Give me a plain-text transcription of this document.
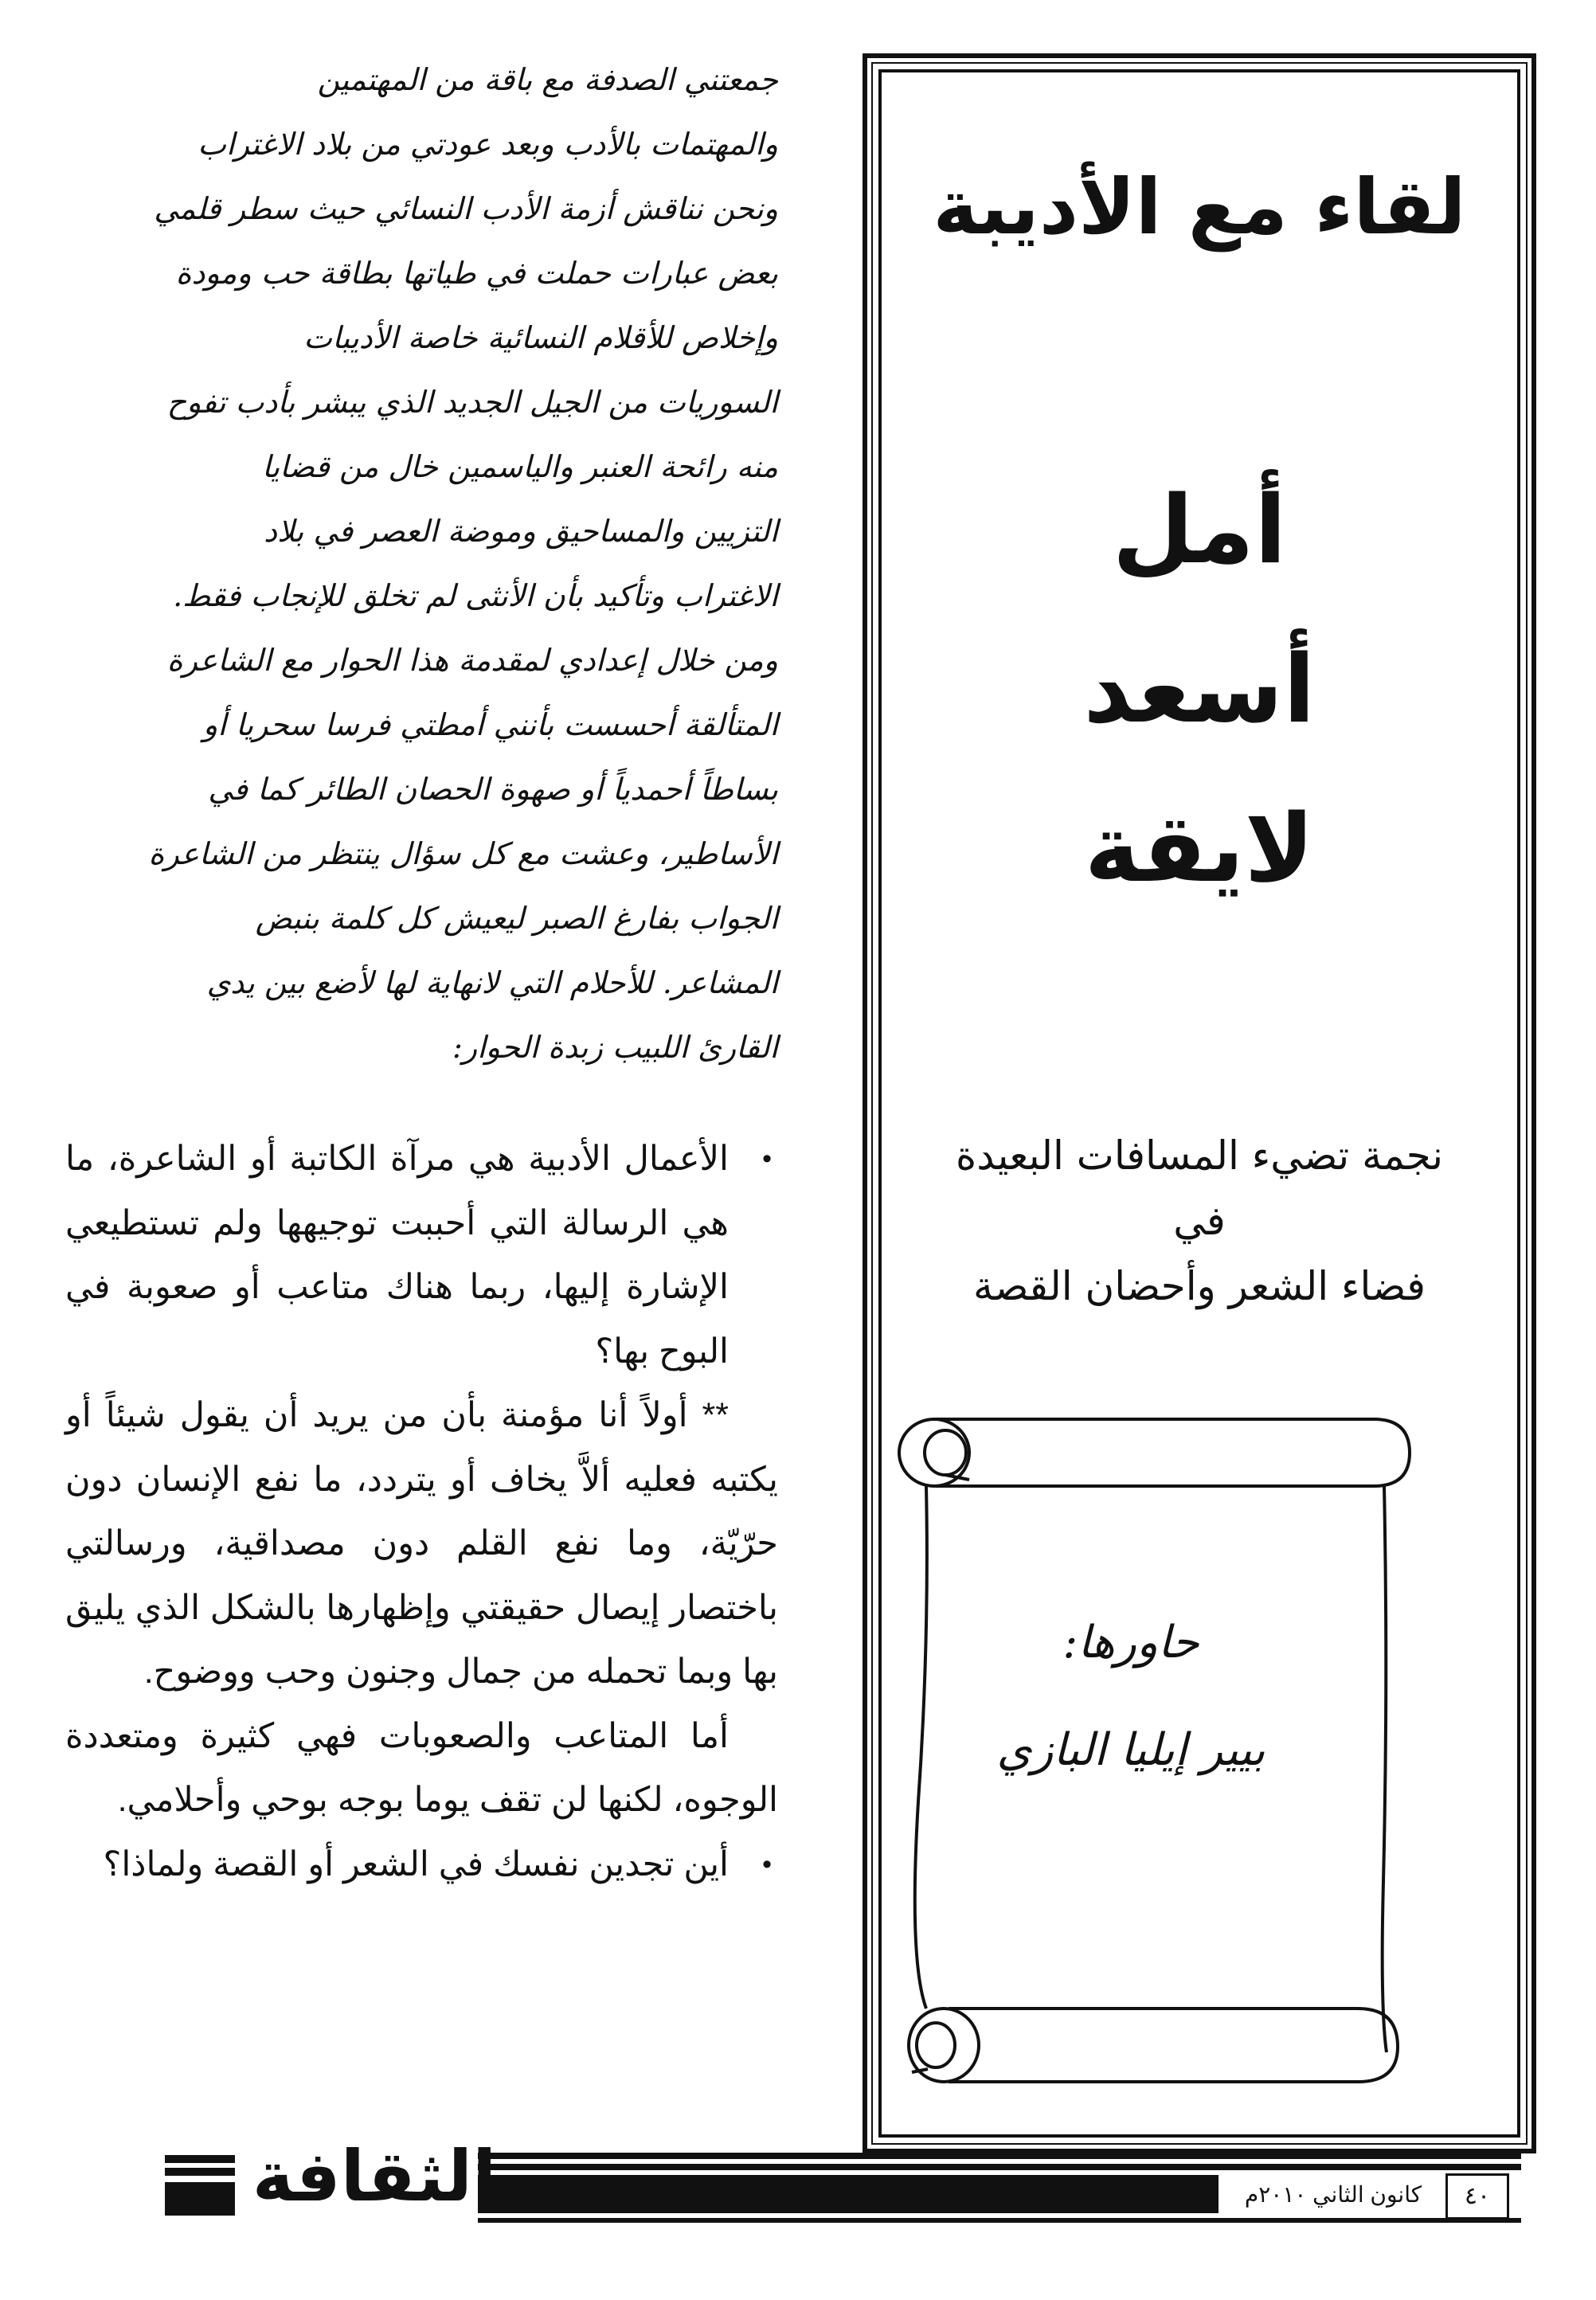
جمعتني الصدفة مع باقة من المهتمين

والمهتمات بالأدب وبعد عودتي من بلاد الاغتراب

ونحن نناقش أزمة الأدب النسائي حيث سطر قلمي

بعض عبارات حملت في طياتها بطاقة حب ومودة

وإخلاص للأقلام النسائية خاصة الأديبات

السوريات من الجيل الجديد الذي يبشر بأدب تفوح

منه رائحة العنبر والياسمين خال من قضايا

التزيين والمساحيق وموضة العصر في بلاد

الاغتراب وتأكيد بأن الأنثى لم تخلق للإنجاب فقط.

ومن خلال إعدادي لمقدمة هذا الحوار مع الشاعرة

المتألقة أحسست بأنني أمطتي فرسا سحريا أو

بساطاً أحمدياً أو صهوة الحصان الطائر كما في

الأساطير، وعشت مع كل سؤال ينتظر من الشاعرة

الجواب بفارغ الصبر ليعيش كل كلمة بنبض

المشاعر. للأحلام التي لانهاية لها لأضع بين يدي

القارئ اللبيب زبدة الحوار:

•
الأعمال الأدبية هي مرآة الكاتبة أو الشاعرة، ما هي الرسالة التي أحببت توجيهها ولم تستطيعي الإشارة إليها، ربما هناك متاعب أو صعوبة في البوح بها؟

** أولاً أنا مؤمنة بأن من يريد أن يقول شيئاً أو يكتبه فعليه ألاَّ يخاف أو يتردد، ما نفع الإنسان دون حرّيّة، وما نفع القلم دون مصداقية، ورسالتي باختصار إيصال حقيقتي وإظهارها بالشكل الذي يليق بها وبما تحمله من جمال وجنون وحب ووضوح.

أما المتاعب والصعوبات فهي كثيرة ومتعددة الوجوه، لكنها لن تقف يوما بوجه بوحي وأحلامي.

•
أين تجدين نفسك في الشعر أو القصة ولماذا؟

لقاء مع الأديبة
أمل
أسعد
لايقة
نجمة تضيء المسافات البعيدة
في
فضاء الشعر وأحضان القصة
حاورها:
بيير إيليا البازي
الثقافة	كانون الثاني ٢٠١٠م	٤٠
